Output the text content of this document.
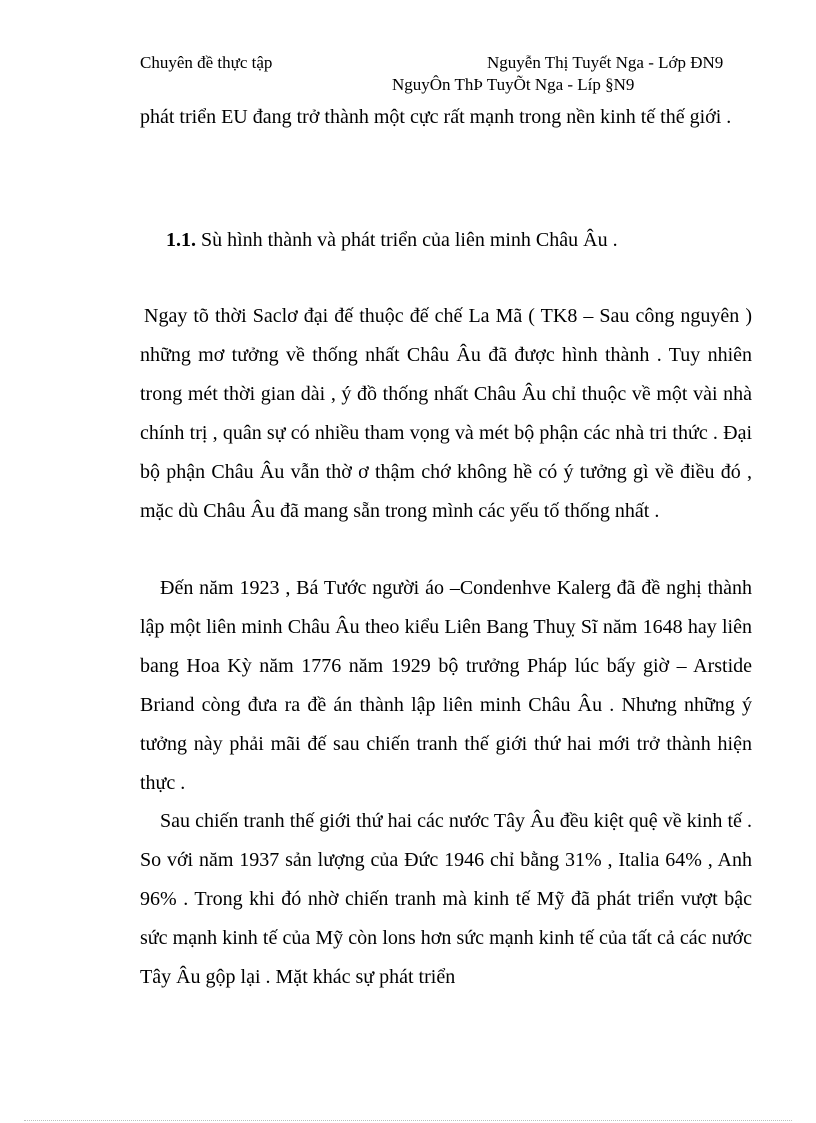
Chuyên đề thực tập	Nguyễn Thị Tuyết Nga - Lớp ĐN9
NguyÔn ThÞ TuyÕt Nga - Líp §N9

phát triển EU đang trở thành một cực rất mạnh trong nền kinh tế thế giới .

1.1. Sù hình thành và phát triển của liên minh Châu Âu .

Ngay tõ thời Saclơ đại đế thuộc đế chế La Mã ( TK8 – Sau công nguyên ) những mơ tưởng về thống nhất Châu Âu đã được hình thành . Tuy nhiên trong mét thời gian dài , ý đồ thống nhất Châu Âu chỉ thuộc về một vài nhà chính trị , quân sự có nhiều tham vọng và mét bộ phận các nhà tri thức . Đại bộ phận Châu Âu vẫn thờ ơ thậm chớ không hề có ý tưởng gì về điều đó , mặc dù Châu Âu đã mang sẵn trong mình các yếu tố thống nhất .

Đến năm 1923 , Bá Tước người áo –Condenhve Kalerg đã đề nghị thành lập một liên minh Châu Âu theo kiểu Liên Bang Thuỵ Sĩ năm 1648 hay liên bang Hoa Kỳ năm 1776 năm 1929 bộ trưởng Pháp lúc bấy giờ – Arstide Briand còng đưa ra đề án thành lập liên minh Châu Âu . Nhưng những ý tưởng này phải mãi đế sau chiến tranh thế giới thứ hai mới trở thành hiện thực .

Sau chiến tranh thế giới thứ hai các nước Tây Âu đều kiệt quệ về kinh tế . So với năm 1937 sản lượng của Đức 1946 chỉ bằng 31% , Italia 64% , Anh 96% . Trong khi đó nhờ chiến tranh mà kinh tế Mỹ đã phát triển vượt bậc sức mạnh kinh tế của Mỹ còn lons hơn sức mạnh kinh tế của tất cả các nước Tây Âu gộp lại . Mặt khác sự phát triển
